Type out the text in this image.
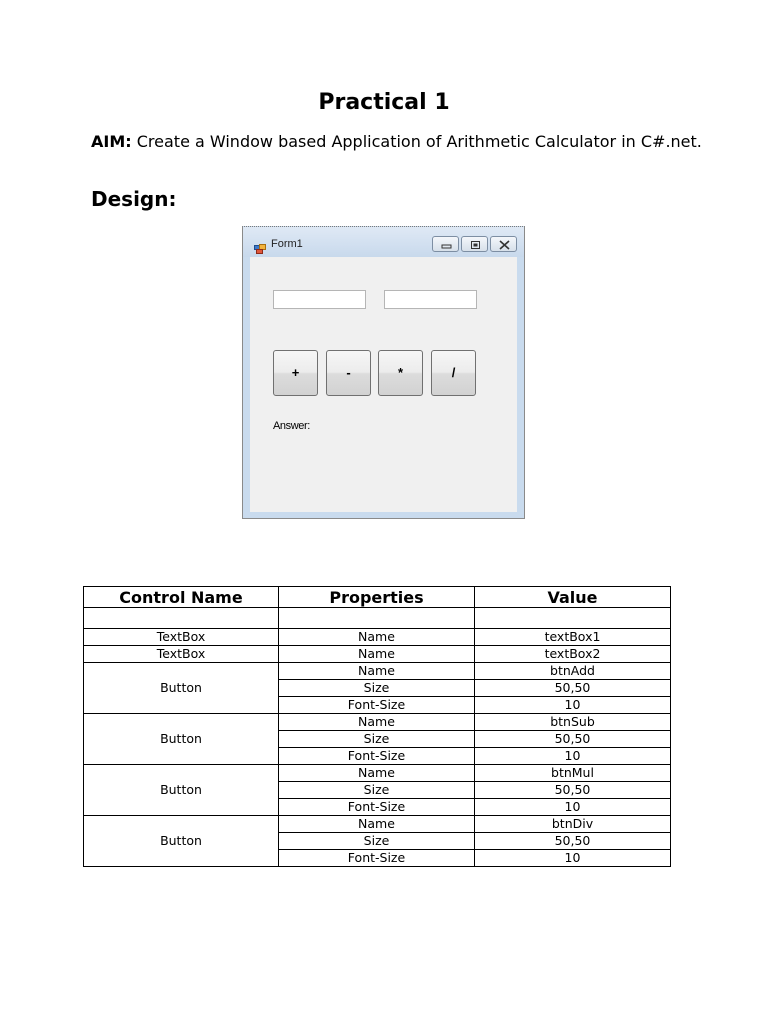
Practical 1
AIM: Create a Window based Application of Arithmetic Calculator in C#.net.
Design:
Form1
+	-	*	/
Answer:
Control Name	Properties	Value

TextBox	Name	textBox1
TextBox	Name	textBox2
Button	Name	btnAdd
	Size	50,50
	Font-Size	10
Button	Name	btnSub
	Size	50,50
	Font-Size	10
Button	Name	btnMul
	Size	50,50
	Font-Size	10
Button	Name	btnDiv
	Size	50,50
	Font-Size	10
